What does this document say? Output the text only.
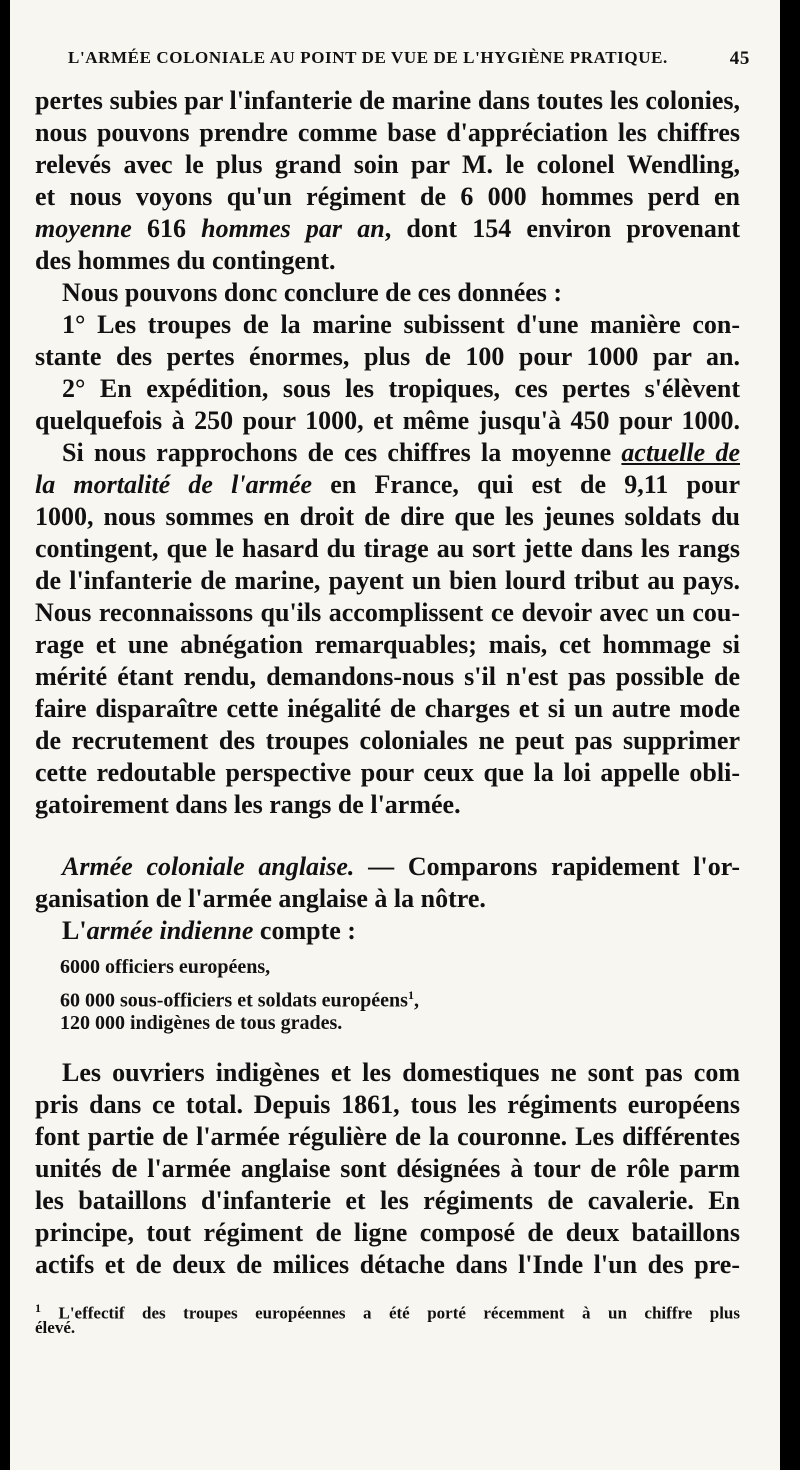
L'ARMÉE COLONIALE AU POINT DE VUE DE L'HYGIÈNE PRATIQUE.	45
pertes subies par l'infanterie de marine dans toutes les colonies,
nous pouvons prendre comme base d'appréciation les chiffres
relevés avec le plus grand soin par M. le colonel Wendling,
et nous voyons qu'un régiment de 6 000 hommes perd en
moyenne 616 hommes par an, dont 154 environ provenant
des hommes du contingent.
Nous pouvons donc conclure de ces données :
1° Les troupes de la marine subissent d'une manière con-
stante des pertes énormes, plus de 100 pour 1000 par an.
2° En expédition, sous les tropiques, ces pertes s'élèvent
quelquefois à 250 pour 1000, et même jusqu'à 450 pour 1000.
Si nous rapprochons de ces chiffres la moyenne actuelle de
la mortalité de l'armée en France, qui est de 9,11 pour
1000, nous sommes en droit de dire que les jeunes soldats du
contingent, que le hasard du tirage au sort jette dans les rangs
de l'infanterie de marine, payent un bien lourd tribut au pays.
Nous reconnaissons qu'ils accomplissent ce devoir avec un cou-
rage et une abnégation remarquables; mais, cet hommage si
mérité étant rendu, demandons-nous s'il n'est pas possible de
faire disparaître cette inégalité de charges et si un autre mode
de recrutement des troupes coloniales ne peut pas supprimer
cette redoutable perspective pour ceux que la loi appelle obli-
gatoirement dans les rangs de l'armée.
Armée coloniale anglaise. — Comparons rapidement l'or-
ganisation de l'armée anglaise à la nôtre.
L'armée indienne compte :
6000 officiers européens,
60 000 sous-officiers et soldats européens$^1$,
120 000 indigènes de tous grades.
Les ouvriers indigènes et les domestiques ne sont pas com
pris dans ce total. Depuis 1861, tous les régiments européens
font partie de l'armée régulière de la couronne. Les différentes
unités de l'armée anglaise sont désignées à tour de rôle parm
les bataillons d'infanterie et les régiments de cavalerie. En
principe, tout régiment de ligne composé de deux bataillons
actifs et de deux de milices détache dans l'Inde l'un des pre-
$^1$ L'effectif des troupes européennes a été porté récemment à un chiffre plus
élevé.
